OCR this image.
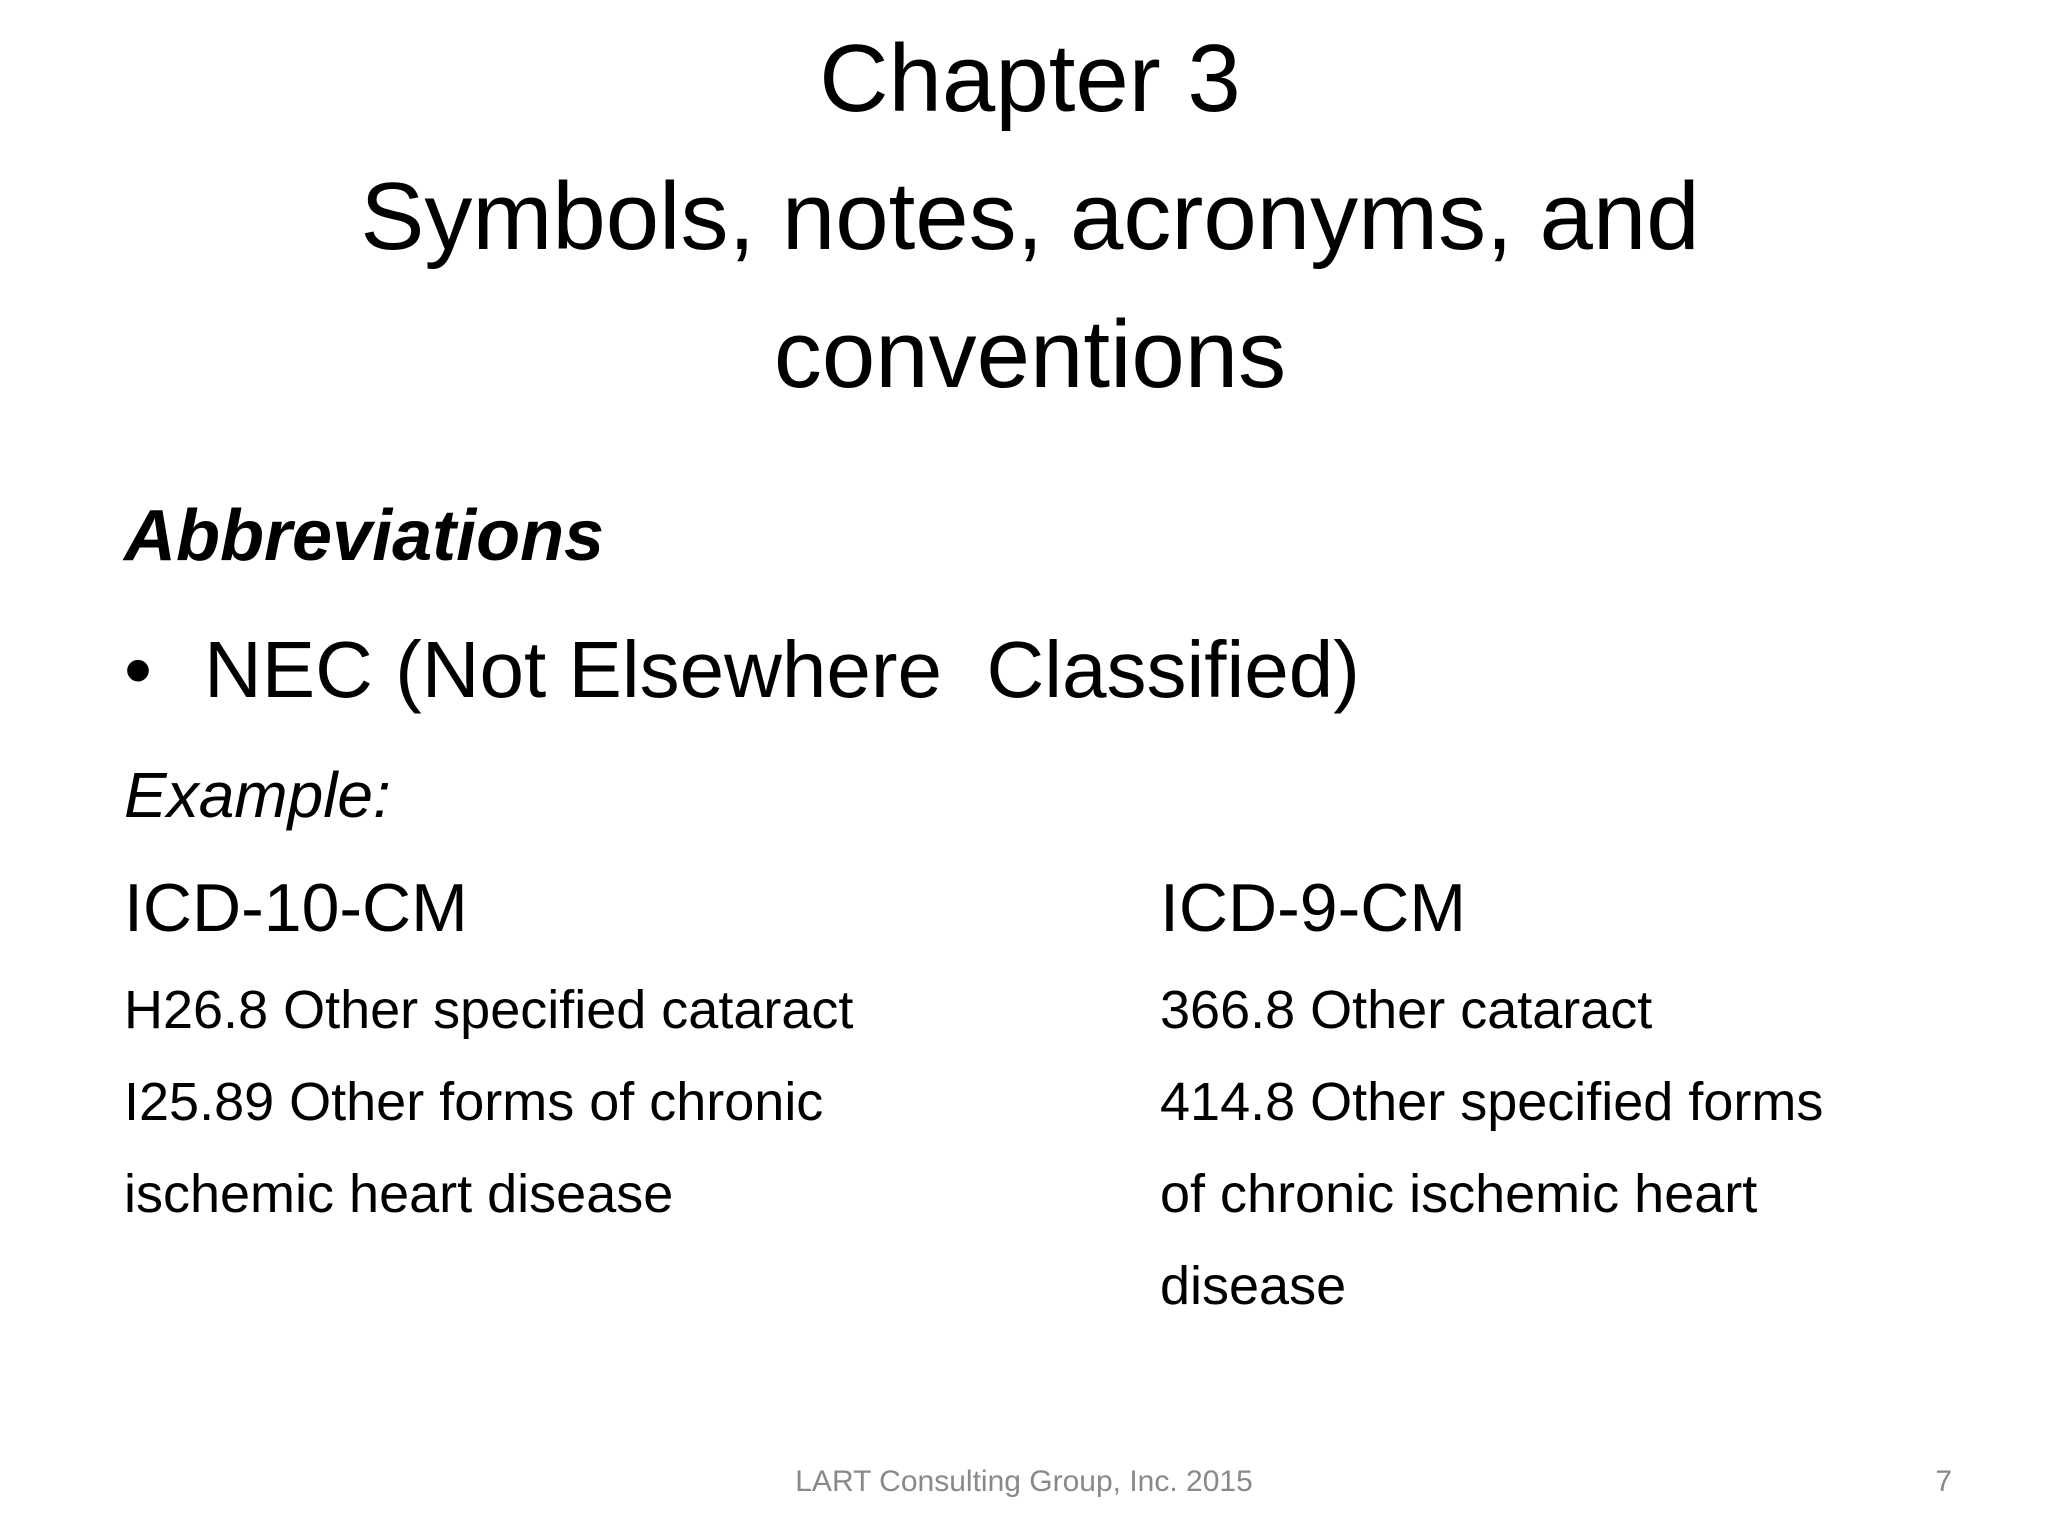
Chapter 3
Symbols, notes, acronyms, and
conventions
Abbreviations
• NEC (Not Elsewhere  Classified)
Example:
ICD-10-CM
H26.8 Other specified cataract
I25.89 Other forms of chronic
ischemic heart disease
ICD-9-CM
366.8 Other cataract
414.8 Other specified forms
of chronic ischemic heart
disease
LART Consulting Group, Inc. 2015	7
